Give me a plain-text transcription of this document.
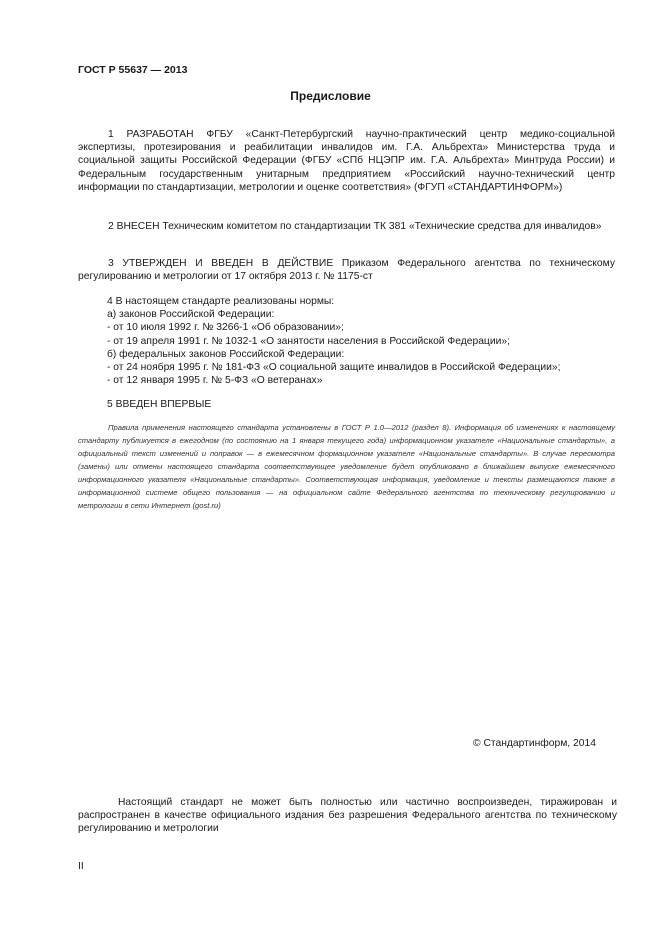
ГОСТ Р 55637 — 2013
Предисловие
1 РАЗРАБОТАН ФГБУ «Санкт-Петербургский научно-практический центр медико-социальной экспертизы, протезирования и реабилитации инвалидов им. Г.А. Альбрехта» Министерства труда и социальной защиты Российской Федерации (ФГБУ «СПб НЦЭПР им. Г.А. Альбрехта» Минтруда России) и Федеральным государственным унитарным предприятием «Российский научно-технический центр информации по стандартизации, метрологии и оценке соответствия» (ФГУП «СТАНДАРТИНФОРМ»)
2 ВНЕСЕН Техническим комитетом по стандартизации ТК 381 «Технические средства для инвалидов»
3 УТВЕРЖДЕН И ВВЕДЕН В ДЕЙСТВИЕ Приказом Федерального агентства по техническому регулированию и метрологии от 17 октября 2013 г. № 1175-ст
4 В настоящем стандарте реализованы нормы:
а) законов Российской Федерации:
- от 10 июля 1992 г. № 3266-1 «Об образовании»;
- от 19 апреля 1991 г. № 1032-1 «О занятости населения в Российской Федерации»;
б) федеральных законов Российской Федерации:
- от 24 ноября 1995 г. № 181-ФЗ «О социальной защите инвалидов в Российской Федерации»;
- от 12 января 1995 г. № 5-ФЗ «О ветеранах»
5 ВВЕДЕН ВПЕРВЫЕ
Правила применения настоящего стандарта установлены в ГОСТ Р 1.0—2012 (раздел 8). Информация об изменениях к настоящему стандарту публикуется в ежегодном (по состоянию на 1 января текущего года) информационном указателе «Национальные стандарты», а официальный текст изменений и поправок — в ежемесячном формационном указателе «Национальные стандарты». В случае пересмотра (замены) или отмены настоящего стандарта соответствующее уведомление будет опубликовано в ближайшем выпуске ежемесячного информационного указателя «Национальные стандарты». Соответствующая информация, уведомление и тексты размещаются также в информационной системе общего пользования — на официальном сайте Федерального агентства по техническому регулированию и метрологии в сети Интернет (gost.ru)
© Стандартинформ, 2014
Настоящий стандарт не может быть полностью или частично воспроизведен, тиражирован и распространен в качестве официального издания без разрешения Федерального агентства по техническому регулированию и метрологии
II
